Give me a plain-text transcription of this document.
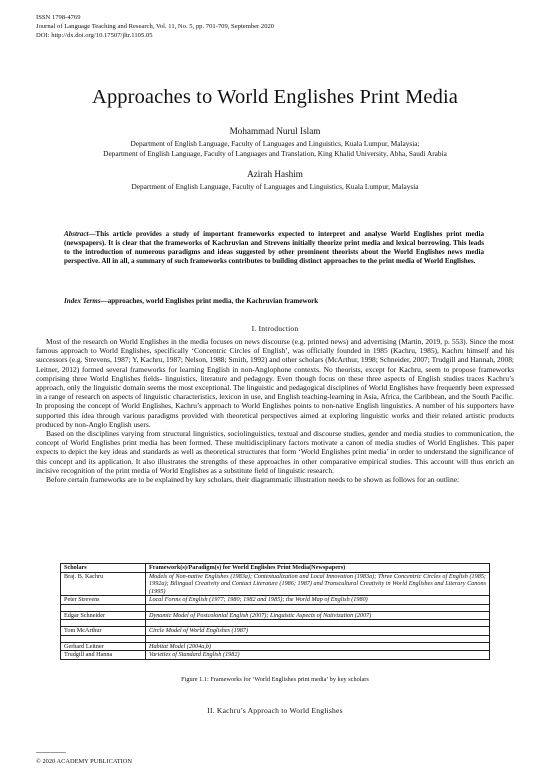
ISSN 1798-4769
Journal of Language Teaching and Research, Vol. 11, No. 5, pp. 701-709, September 2020
DOI: http://dx.doi.org/10.17507/jltr.1105.05
Approaches to World Englishes Print Media
Mohammad Nurul Islam
Department of English Language, Faculty of Languages and Linguistics, Kuala Lumpur, Malaysia;
Department of English Language, Faculty of Languages and Translation, King Khalid University, Abha, Saudi Arabia
Azirah Hashim
Department of English Language, Faculty of Languages and Linguistics, Kuala Lumpur, Malaysia
Abstract—This article provides a study of important frameworks expected to interpret and analyse World Englishes print media (newspapers). It is clear that the frameworks of Kachruvian and Strevens initially theorize print media and lexical borrowing. This leads to the introduction of numerous paradigms and ideas suggested by other prominent theorists about the World Englishes news media perspective. All in all, a summary of such frameworks contributes to building distinct approaches to the print media of World Englishes.
Index Terms—approaches, world Englishes print media, the Kachruvian framework
I. Introduction

Most of the research on World Englishes in the media focuses on news discourse (e.g. printed news) and advertising (Martin, 2019, p. 553). Since the most famous approach to World Englishes, specifically ‘Concentric Circles of English’, was officially founded in 1985 (Kachru, 1985), Kachru himself and his successors (e.g. Strevens, 1987; Y, Kachru, 1987; Nelson, 1988; Smith, 1992) and other scholars (McArthur, 1998; Schneider, 2007; Trudgill and Hannah, 2008; Leitner, 2012) formed several frameworks for learning English in non-Anglophone contexts. No theorists, except for Kachru, seem to propose frameworks comprising three World Englishes fields- linguistics, literature and pedagogy. Even though focus on these three aspects of English studies traces Kachru’s approach, only the linguistic domain seems the most exceptional. The linguistic and pedagogical disciplines of World Englishes have frequently been expressed in a range of research on aspects of linguistic characteristics, lexicon in use, and English teaching-learning in Asia, Africa, the Caribbean, and the South Pacific. In proposing the concept of World Englishes, Kachru’s approach to World Englishes points to non-native English linguistics. A number of his supporters have supported this idea through various paradigms provided with theoretical perspectives aimed at exploring linguistic works and their related artistic products produced by non-Anglo English users.

Based on the disciplines varying from structural linguistics, sociolinguistics, textual and discourse studies, gender and media studies to communication, the concept of World Englishes print media has been formed. These multidisciplinary factors motivate a canon of media studies of World Englishes. This paper expects to depict the key ideas and standards as well as theoretical structures that form ‘World Englishes print media’ in order to understand the significance of this concept and its application. It also illustrates the strengths of these approaches in other comparative empirical studies. This account will thus enrich an incisive recognition of the print media of World Englishes as a substitute field of linguistic research.

Before certain frameworks are to be explained by key scholars, their diagrammatic illustration needs to be shown as follows for an outline:

Scholars	Framework(s)/Paradigm(s) for World Englishes Print Media(Newspapers)
Braj. B. Kachru	Models of Non-native Englishes (1983a); Contextualization and Local Innovation (1983a); Three Concentric Circles of English (1985; 1992a); Bilingual Creativity and Contact Literature (1986; 1987) and Transcultural Creativity in World Englishes and Literary Canons (1995)
Peter Strevens	Local Forms of English (1977; 1980; 1982 and 1985); the World Map of English (1980)

Edgar Schneider	Dynamic Model of Postcolonial English (2007); Linguistic Aspects of Nativization (2007)

Tom McArthur	Circle Model of World Englishes (1987)

Gerhard Leitner	Habitat Model (2004a,b)
Trudgill and Hanna	Varieties of Standard English (1982)
Figure 1.1: Frameworks for ‘World Englishes print media’ by key scholars
II. Kachru’s Approach to World Englishes
© 2020 ACADEMY PUBLICATION
